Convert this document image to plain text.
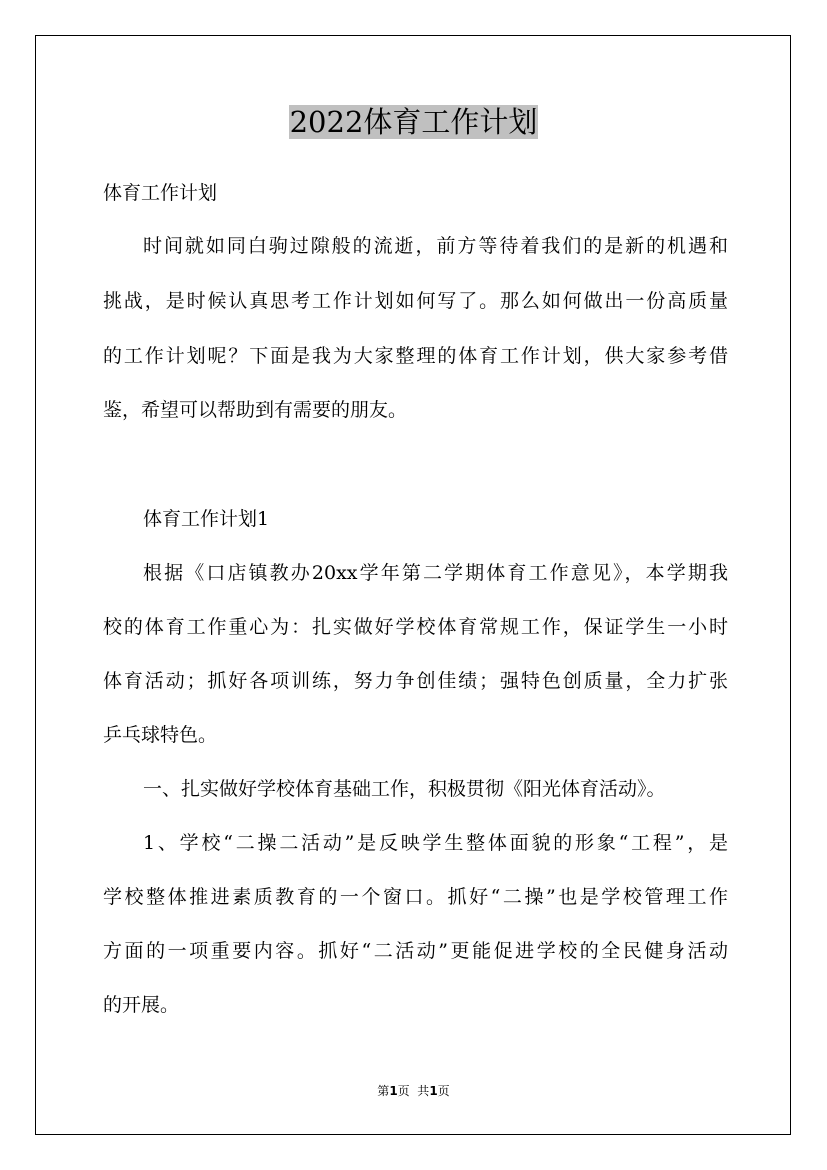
2022体育工作计划
体育工作计划
时间就如同白驹过隙般的流逝，前方等待着我们的是新的机遇和
挑战，是时候认真思考工作计划如何写了。那么如何做出一份高质量
的工作计划呢？下面是我为大家整理的体育工作计划，供大家参考借
鉴，希望可以帮助到有需要的朋友。
体育工作计划1
根据《口店镇教办20xx学年第二学期体育工作意见》，本学期我
校的体育工作重心为：扎实做好学校体育常规工作，保证学生一小时
体育活动；抓好各项训练，努力争创佳绩；强特色创质量，全力扩张
乒乓球特色。
一、扎实做好学校体育基础工作，积极贯彻《阳光体育活动》。
1、学校“二操二活动”是反映学生整体面貌的形象“工程”，是
学校整体推进素质教育的一个窗口。抓好“二操”也是学校管理工作
方面的一项重要内容。抓好“二活动”更能促进学校的全民健身活动
的开展。
第1页  共1页
